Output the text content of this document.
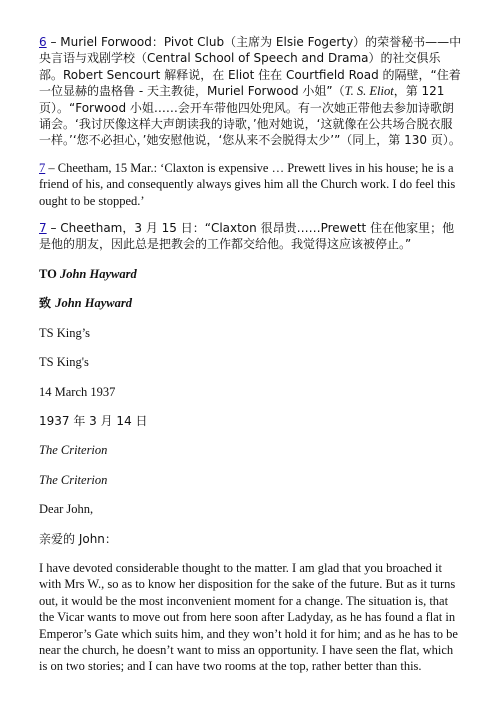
6 – Muriel Forwood：Pivot Club（主席为 Elsie Fogerty）的荣誉秘书——中央言语与戏剧学校（Central School of Speech and Drama）的社交俱乐部。Robert Sencourt 解释说，在 Eliot 住在 Courtfield Road 的隔壁，“住着一位显赫的蛊格鲁 - 天主教徒，Muriel Forwood 小姐”（T. S. Eliot，第 121 页）。“Forwood 小姐……会开车带他四处兜风。有一次她正带他去参加诗歌朗诵会。‘我讨厌像这样大声朗读我的诗歌，’他对她说，‘这就像在公共场合脱衣服一样。’‘您不必担心，’她安慰他说，‘您从来不会脱得太少’”（同上，第 130 页）。

7 – Cheetham, 15 Mar.: ‘Claxton is expensive … Prewett lives in his house; he is a friend of his, and consequently always gives him all the Church work. I do feel this ought to be stopped.’

7 – Cheetham，3 月 15 日：“Claxton 很昂贵……Prewett 住在他家里；他是他的朋友，因此总是把教会的工作都交给他。我觉得这应该被停止。”

TO John Hayward

致 John Hayward

TS King’s

TS King's

14 March 1937

1937 年 3 月 14 日

The Criterion

The Criterion

Dear John,

亲爱的 John：

I have devoted considerable thought to the matter. I am glad that you broached it with Mrs W., so as to know her disposition for the sake of the future. But as it turns out, it would be the most inconvenient moment for a change. The situation is, that the Vicar wants to move out from here soon after Ladyday, as he has found a flat in Emperor’s Gate which suits him, and they won’t hold it for him; and as he has to be near the church, he doesn’t want to miss an opportunity. I have seen the flat, which is on two stories; and I can have two rooms at the top, rather better than this.
